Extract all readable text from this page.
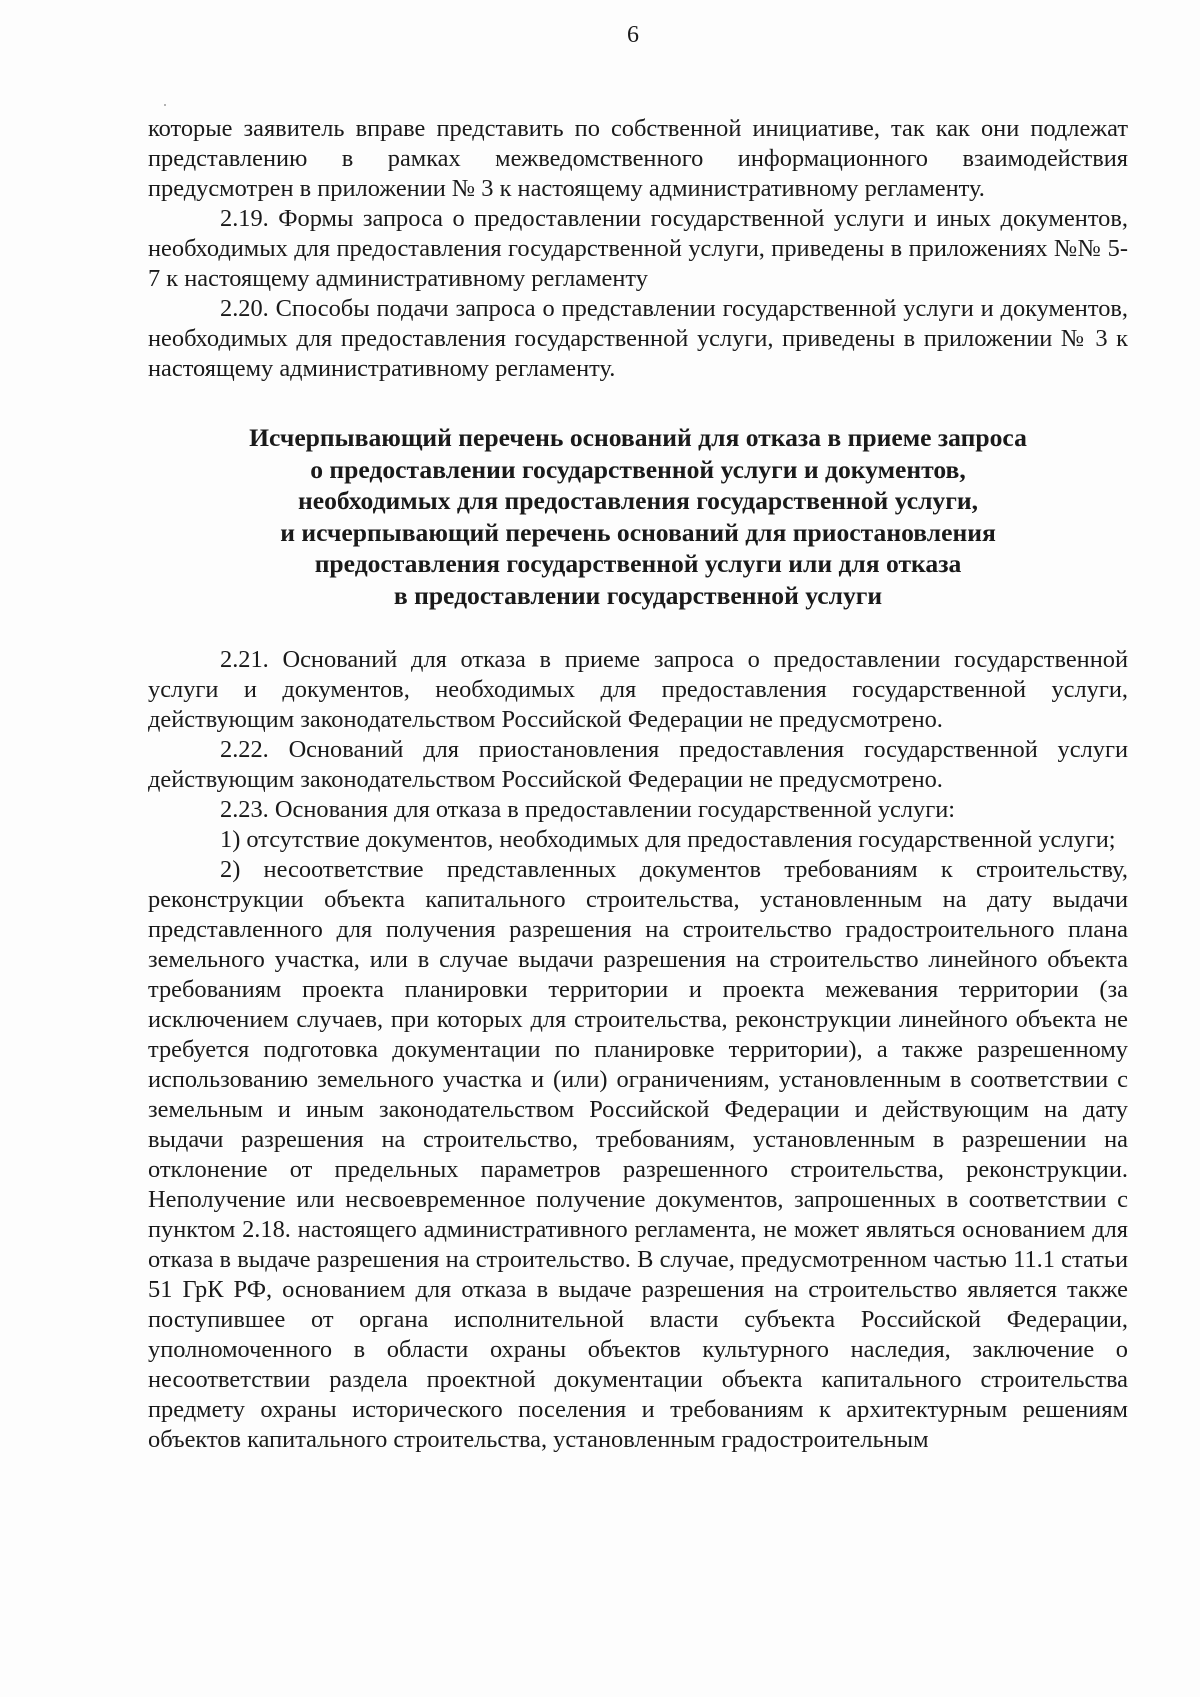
6

которые заявитель вправе представить по собственной инициативе, так как они подлежат представлению в рамках межведомственного информационного взаимодействия предусмотрен в приложении № 3 к настоящему административному регламенту.

2.19. Формы запроса о предоставлении государственной услуги и иных документов, необходимых для предоставления государственной услуги, приведены в приложениях №№ 5-7 к настоящему административному регламенту

2.20. Способы подачи запроса о представлении государственной услуги и документов, необходимых для предоставления государственной услуги, приведены в приложении № 3 к настоящему административному регламенту.

Исчерпывающий перечень оснований для отказа в приеме запроса
о предоставлении государственной услуги и документов,
необходимых для предоставления государственной услуги,
и исчерпывающий перечень оснований для приостановления
предоставления государственной услуги или для отказа
в предоставлении государственной услуги

2.21. Оснований для отказа в приеме запроса о предоставлении государственной услуги и документов, необходимых для предоставления государственной услуги, действующим законодательством Российской Федерации не предусмотрено.

2.22. Оснований для приостановления предоставления государственной услуги действующим законодательством Российской Федерации не предусмотрено.

2.23. Основания для отказа в предоставлении государственной услуги:

1) отсутствие документов, необходимых для предоставления государственной услуги;

2) несоответствие представленных документов требованиям к строительству, реконструкции объекта капитального строительства, установленным на дату выдачи представленного для получения разрешения на строительство градостроительного плана земельного участка, или в случае выдачи разрешения на строительство линейного объекта требованиям проекта планировки территории и проекта межевания территории (за исключением случаев, при которых для строительства, реконструкции линейного объекта не требуется подготовка документации по планировке территории), а также разрешенному использованию земельного участка и (или) ограничениям, установленным в соответствии с земельным и иным законодательством Российской Федерации и действующим на дату выдачи разрешения на строительство, требованиям, установленным в разрешении на отклонение от предельных параметров разрешенного строительства, реконструкции. Неполучение или несвоевременное получение документов, запрошенных в соответствии с пунктом 2.18. настоящего административного регламента, не может являться основанием для отказа в выдаче разрешения на строительство. В случае, предусмотренном частью 11.1 статьи 51 ГрК РФ, основанием для отказа в выдаче разрешения на строительство является также поступившее от органа исполнительной власти субъекта Российской Федерации, уполномоченного в области охраны объектов культурного наследия, заключение о несоответствии раздела проектной документации объекта капитального строительства предмету охраны исторического поселения и требованиям к архитектурным решениям объектов капитального строительства, установленным градостроительным
